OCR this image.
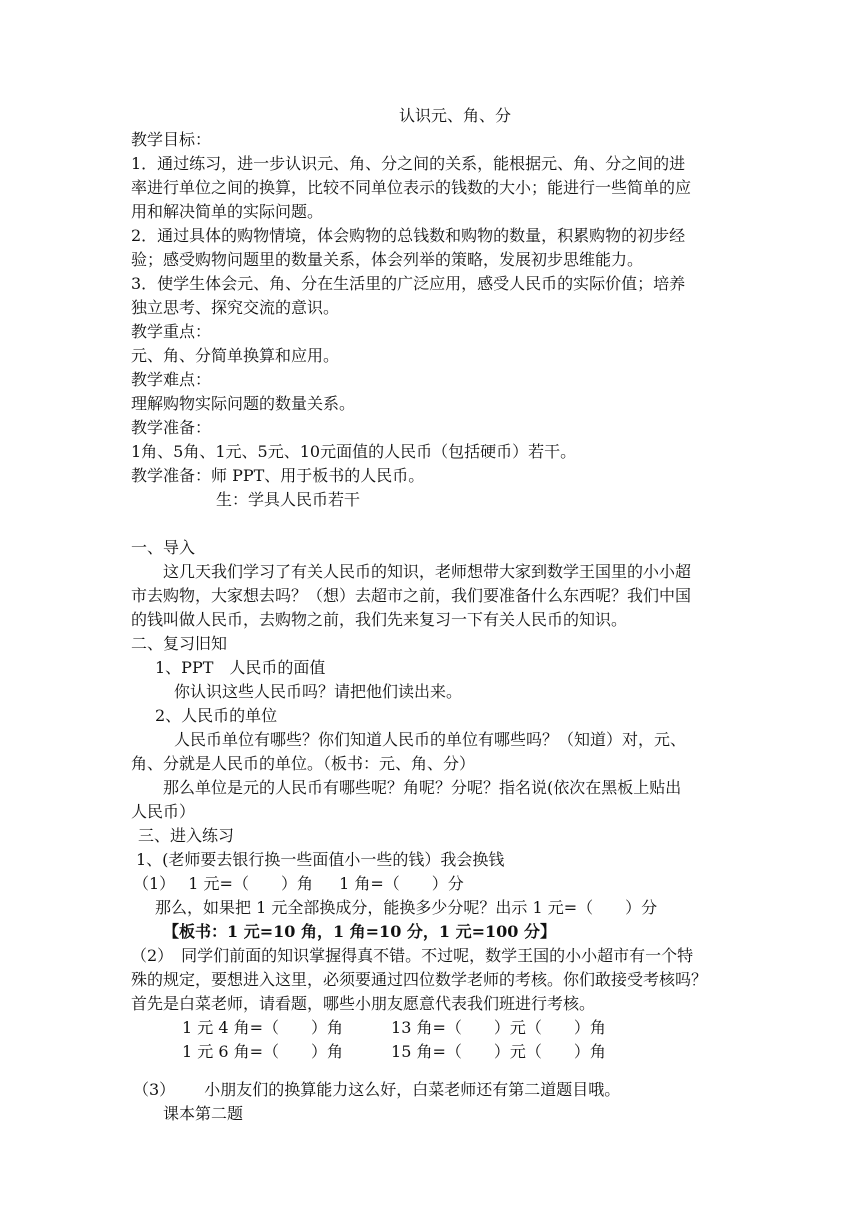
认识元、角、分
教学目标：
1．通过练习，进一步认识元、角、分之间的关系，能根据元、角、分之间的进
率进行单位之间的换算，比较不同单位表示的钱数的大小；能进行一些简单的应
用和解决简单的实际问题。
2．通过具体的购物情境，体会购物的总钱数和购物的数量，积累购物的初步经
验；感受购物问题里的数量关系，体会列举的策略，发展初步思维能力。
3．使学生体会元、角、分在生活里的广泛应用，感受人民币的实际价值；培养
独立思考、探究交流的意识。
教学重点：
元、角、分简单换算和应用。
教学难点：
理解购物实际问题的数量关系。
教学准备：
1角、5角、1元、5元、10元面值的人民币（包括硬币）若干。
教学准备：师 PPT、用于板书的人民币。
生：学具人民币若干
一、导入
这几天我们学习了有关人民币的知识，老师想带大家到数学王国里的小小超
市去购物，大家想去吗？（想）去超市之前，我们要准备什么东西呢？我们中国
的钱叫做人民币，去购物之前，我们先来复习一下有关人民币的知识。
二、复习旧知
1、PPT　人民币的面值
你认识这些人民币吗？请把他们读出来。
2、人民币的单位
人民币单位有哪些？你们知道人民币的单位有哪些吗？（知道）对，元、
角、分就是人民币的单位。（板书：元、角、分）
那么单位是元的人民币有哪些呢？角呢？分呢？指名说(依次在黑板上贴出
人民币）
三、进入练习
1、(老师要去银行换一些面值小一些的钱）我会换钱
（1）　 1 元=（　　）角　  1 角=（　　）分
那么，如果把 1 元全部换成分，能换多少分呢？出示 1 元=（　　）分
【板书：1 元=10 角，1 角=10 分，1 元=100 分】
（2）　同学们前面的知识掌握得真不错。不过呢，数学王国的小小超市有一个特
殊的规定，要想进入这里，必须要通过四位数学老师的考核。你们敢接受考核吗？
首先是白菜老师，请看题，哪些小朋友愿意代表我们班进行考核。
1 元 4 角=（　　）角　　　13 角=（　　）元（　　）角
1 元 6 角=（　　）角　　　15 角=（　　）元（　　）角
（3）　　 小朋友们的换算能力这么好，白菜老师还有第二道题目哦。
课本第二题
